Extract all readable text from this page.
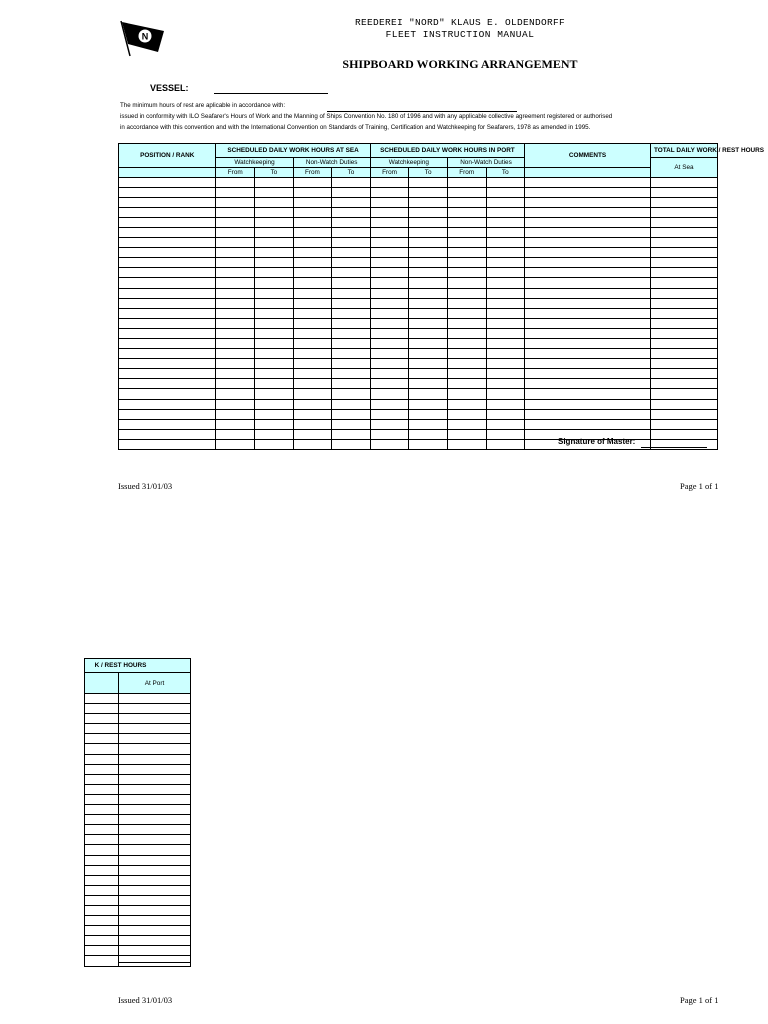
N
REEDEREI "NORD" KLAUS E. OLDENDORFF
FLEET INSTRUCTION MANUAL
SHIPBOARD WORKING ARRANGEMENT
VESSEL:
The minimum hours of rest are aplicable in accordance with:
issued in conformity with ILO Seafarer's Hours of Work and the Manning of Ships Convention No. 180 of 1996 and with any applicable collective agreement registered or authorised
in accordance with this convention and with the International Convention on Standards of Training, Certification and Watchkeeping for Seafarers, 1978 as amended in 1995.
POSITION / RANK	SCHEDULED DAILY WORK HOURS AT SEA				SCHEDULED DAILY WORK HOURS IN PORT				COMMENTS	TOTAL DAILY WORK / REST HOURS
	Watchkeeping		Non-Watch Duties		Watchkeeping		Non-Watch Duties			At Sea
	From	To	From	To	From	To	From	To		

Signature of Master:
Issued 31/01/03	Page 1 of 1
K / REST HOURS	
	At Port

Issued 31/01/03	Page 1 of 1
